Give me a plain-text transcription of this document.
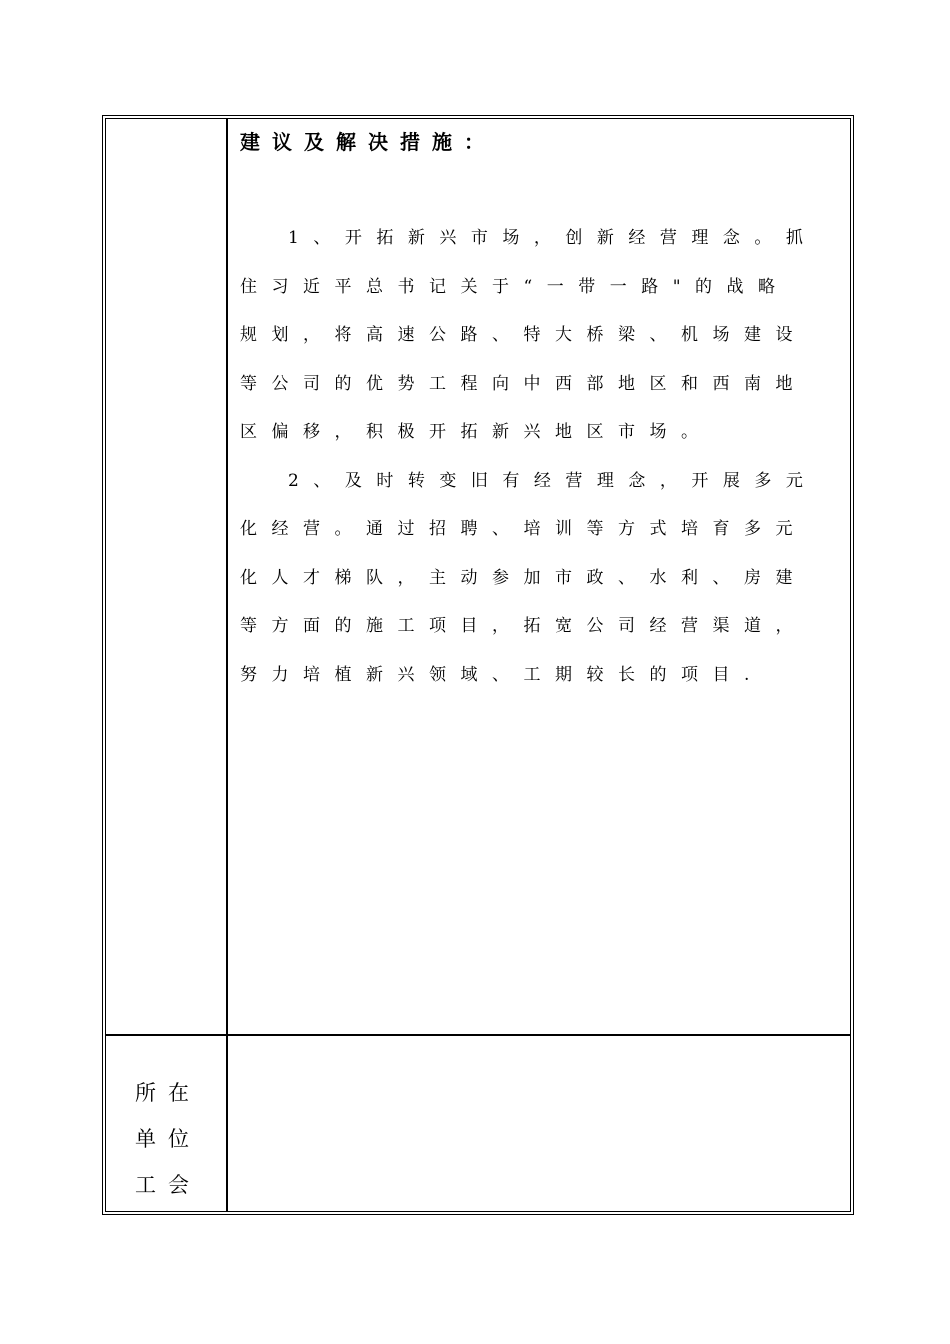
建议及解决措施：

1、开拓新兴市场，创新经营理念。抓

住习近平总书记关于“一带一路"的战略

规划，将高速公路、特大桥梁、机场建设

等公司的优势工程向中西部地区和西南地

区偏移，积极开拓新兴地区市场。

2、及时转变旧有经营理念，开展多元

化经营。通过招聘、培训等方式培育多元

化人才梯队，主动参加市政、水利、房建

等方面的施工项目，拓宽公司经营渠道，

努力培植新兴领域、工期较长的项目.

所在
单位
工会
